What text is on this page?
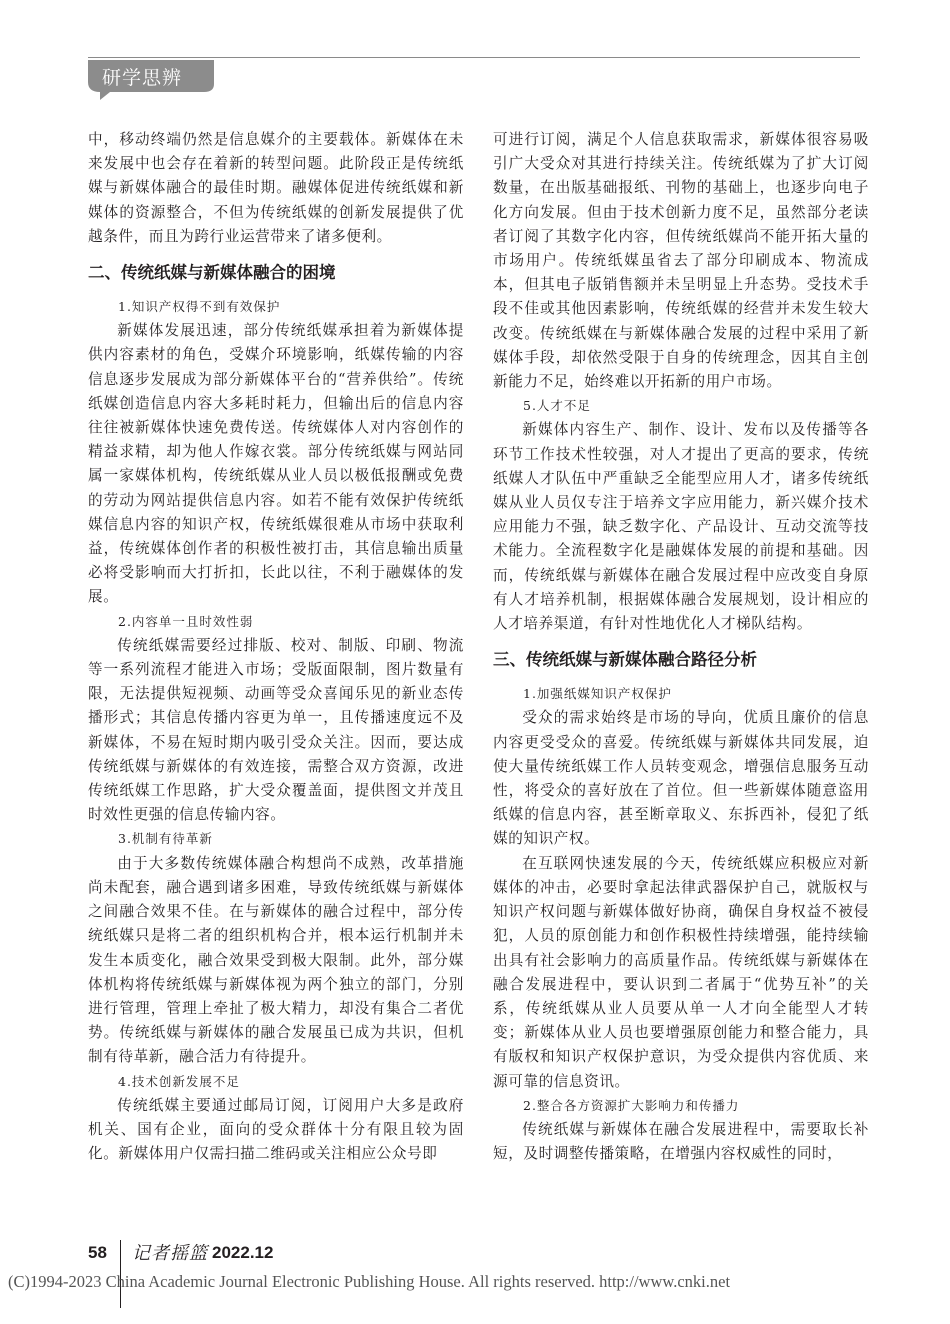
研学思辨

中，移动终端仍然是信息媒介的主要载体。新媒体在未来发展中也会存在着新的转型问题。此阶段正是传统纸媒与新媒体融合的最佳时期。融媒体促进传统纸媒和新媒体的资源整合，不但为传统纸媒的创新发展提供了优越条件，而且为跨行业运营带来了诸多便利。

二、传统纸媒与新媒体融合的困境

1.知识产权得不到有效保护

新媒体发展迅速，部分传统纸媒承担着为新媒体提供内容素材的角色，受媒介环境影响，纸媒传输的内容信息逐步发展成为部分新媒体平台的“营养供给”。传统纸媒创造信息内容大多耗时耗力，但输出后的信息内容往往被新媒体快速免费传送。传统媒体人对内容创作的精益求精，却为他人作嫁衣裳。部分传统纸媒与网站同属一家媒体机构，传统纸媒从业人员以极低报酬或免费的劳动为网站提供信息内容。如若不能有效保护传统纸媒信息内容的知识产权，传统纸媒很难从市场中获取利益，传统媒体创作者的积极性被打击，其信息输出质量必将受影响而大打折扣，长此以往，不利于融媒体的发展。

2.内容单一且时效性弱

传统纸媒需要经过排版、校对、制版、印刷、物流等一系列流程才能进入市场；受版面限制，图片数量有限，无法提供短视频、动画等受众喜闻乐见的新业态传播形式；其信息传播内容更为单一，且传播速度远不及新媒体，不易在短时期内吸引受众关注。因而，要达成传统纸媒与新媒体的有效连接，需整合双方资源，改进传统纸媒工作思路，扩大受众覆盖面，提供图文并茂且时效性更强的信息传输内容。

3.机制有待革新

由于大多数传统媒体融合构想尚不成熟，改革措施尚未配套，融合遇到诸多困难，导致传统纸媒与新媒体之间融合效果不佳。在与新媒体的融合过程中，部分传统纸媒只是将二者的组织机构合并，根本运行机制并未发生本质变化，融合效果受到极大限制。此外，部分媒体机构将传统纸媒与新媒体视为两个独立的部门，分别进行管理，管理上牵扯了极大精力，却没有集合二者优势。传统纸媒与新媒体的融合发展虽已成为共识，但机制有待革新，融合活力有待提升。

4.技术创新发展不足

传统纸媒主要通过邮局订阅，订阅用户大多是政府机关、国有企业，面向的受众群体十分有限且较为固化。新媒体用户仅需扫描二维码或关注相应公众号即

可进行订阅，满足个人信息获取需求，新媒体很容易吸引广大受众对其进行持续关注。传统纸媒为了扩大订阅数量，在出版基础报纸、刊物的基础上，也逐步向电子化方向发展。但由于技术创新力度不足，虽然部分老读者订阅了其数字化内容，但传统纸媒尚不能开拓大量的市场用户。传统纸媒虽省去了部分印刷成本、物流成本，但其电子版销售额并未呈明显上升态势。受技术手段不佳或其他因素影响，传统纸媒的经营并未发生较大改变。传统纸媒在与新媒体融合发展的过程中采用了新媒体手段，却依然受限于自身的传统理念，因其自主创新能力不足，始终难以开拓新的用户市场。

5.人才不足

新媒体内容生产、制作、设计、发布以及传播等各环节工作技术性较强，对人才提出了更高的要求，传统纸媒人才队伍中严重缺乏全能型应用人才，诸多传统纸媒从业人员仅专注于培养文字应用能力，新兴媒介技术应用能力不强，缺乏数字化、产品设计、互动交流等技术能力。全流程数字化是融媒体发展的前提和基础。因而，传统纸媒与新媒体在融合发展过程中应改变自身原有人才培养机制，根据媒体融合发展规划，设计相应的人才培养渠道，有针对性地优化人才梯队结构。

三、传统纸媒与新媒体融合路径分析

1.加强纸媒知识产权保护

受众的需求始终是市场的导向，优质且廉价的信息内容更受受众的喜爱。传统纸媒与新媒体共同发展，迫使大量传统纸媒工作人员转变观念，增强信息服务互动性，将受众的喜好放在了首位。但一些新媒体随意盗用纸媒的信息内容，甚至断章取义、东拆西补，侵犯了纸媒的知识产权。

在互联网快速发展的今天，传统纸媒应积极应对新媒体的冲击，必要时拿起法律武器保护自己，就版权与知识产权问题与新媒体做好协商，确保自身权益不被侵犯，人员的原创能力和创作积极性持续增强，能持续输出具有社会影响力的高质量作品。传统纸媒与新媒体在融合发展进程中，要认识到二者属于“优势互补”的关系，传统纸媒从业人员要从单一人才向全能型人才转变；新媒体从业人员也要增强原创能力和整合能力，具有版权和知识产权保护意识，为受众提供内容优质、来源可靠的信息资讯。

2.整合各方资源扩大影响力和传播力

传统纸媒与新媒体在融合发展进程中，需要取长补短，及时调整传播策略，在增强内容权威性的同时，

58 记者摇篮 2022.12
(C)1994-2023 China Academic Journal Electronic Publishing House. All rights reserved. http://www.cnki.net
